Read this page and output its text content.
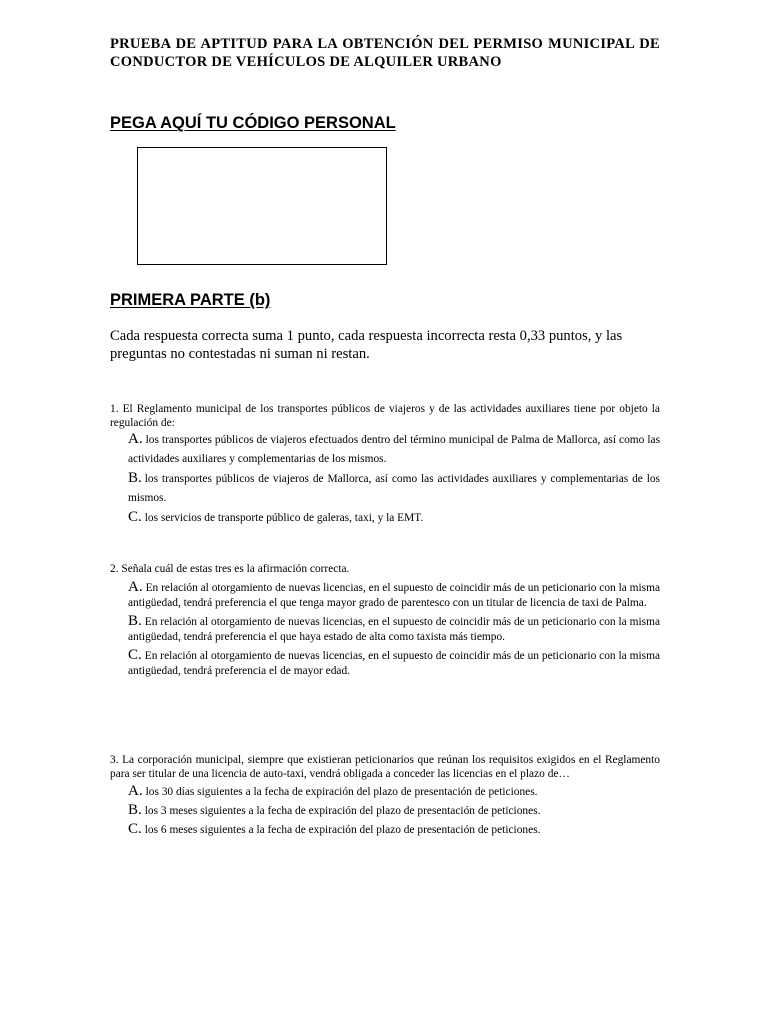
PRUEBA DE APTITUD PARA LA OBTENCIÓN DEL PERMISO MUNICIPAL DE CONDUCTOR DE VEHÍCULOS DE ALQUILER URBANO
PEGA AQUÍ TU CÓDIGO PERSONAL
PRIMERA PARTE (b)
Cada respuesta correcta suma 1 punto, cada respuesta incorrecta resta 0,33 puntos, y las preguntas no contestadas ni suman ni restan.
1. El Reglamento municipal de los transportes públicos de viajeros y de las actividades auxiliares tiene por objeto la regulación de:
A. los transportes públicos de viajeros efectuados dentro del término municipal de Palma de Mallorca, así como las actividades auxiliares y complementarias de los mismos.
B. los transportes públicos de viajeros de Mallorca, así como las actividades auxiliares y complementarias de los mismos.
C. los servicios de transporte público de galeras, taxi, y la EMT.
2. Señala cuál de estas tres es la afirmación correcta.
A. En relación al otorgamiento de nuevas licencias, en el supuesto de coincidir más de un peticionario con la misma antigüedad, tendrá preferencia el que tenga mayor grado de parentesco con un titular de licencia de taxi de Palma.
B. En relación al otorgamiento de nuevas licencias, en el supuesto de coincidir más de un peticionario con la misma antigüedad, tendrá preferencia el que haya estado de alta como taxista más tiempo.
C. En relación al otorgamiento de nuevas licencias, en el supuesto de coincidir más de un peticionario con la misma antigüedad, tendrá preferencia el de mayor edad.
3. La corporación municipal, siempre que existieran peticionarios que reúnan los requisitos exigidos en el Reglamento para ser titular de una licencia de auto-taxi, vendrá obligada a conceder las licencias en el plazo de…
A. los 30 días siguientes a la fecha de expiración del plazo de presentación de peticiones.
B. los 3 meses siguientes a la fecha de expiración del plazo de presentación de peticiones.
C. los 6 meses siguientes a la fecha de expiración del plazo de presentación de peticiones.
